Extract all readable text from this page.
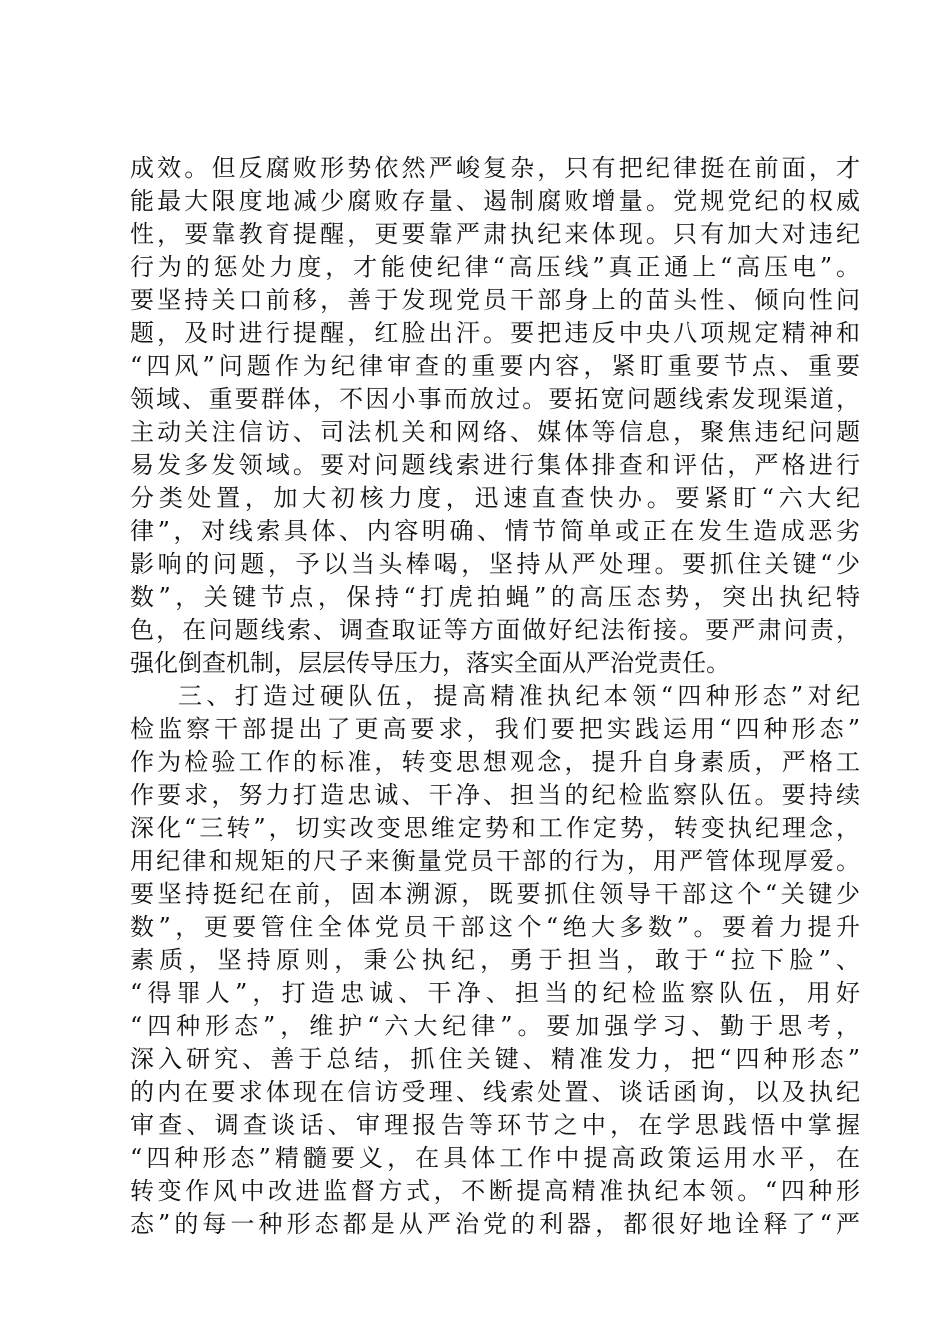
成效。但反腐败形势依然严峻复杂，只有把纪律挺在前面，才
能最大限度地减少腐败存量、遏制腐败增量。党规党纪的权威
性，要靠教育提醒，更要靠严肃执纪来体现。只有加大对违纪
行为的惩处力度，才能使纪律“高压线”真正通上“高压电”。
要坚持关口前移，善于发现党员干部身上的苗头性、倾向性问
题，及时进行提醒，红脸出汗。要把违反中央八项规定精神和
“四风”问题作为纪律审查的重要内容，紧盯重要节点、重要
领域、重要群体，不因小事而放过。要拓宽问题线索发现渠道，
主动关注信访、司法机关和网络、媒体等信息，聚焦违纪问题
易发多发领域。要对问题线索进行集体排查和评估，严格进行
分类处置，加大初核力度，迅速直查快办。要紧盯“六大纪
律”，对线索具体、内容明确、情节简单或正在发生造成恶劣
影响的问题，予以当头棒喝，坚持从严处理。要抓住关键“少
数”，关键节点，保持“打虎拍蝇”的高压态势，突出执纪特
色，在问题线索、调查取证等方面做好纪法衔接。要严肃问责，
强化倒查机制，层层传导压力，落实全面从严治党责任。
三、打造过硬队伍，提高精准执纪本领“四种形态”对纪
检监察干部提出了更高要求，我们要把实践运用“四种形态”
作为检验工作的标准，转变思想观念，提升自身素质，严格工
作要求，努力打造忠诚、干净、担当的纪检监察队伍。要持续
深化“三转”，切实改变思维定势和工作定势，转变执纪理念，
用纪律和规矩的尺子来衡量党员干部的行为，用严管体现厚爱。
要坚持挺纪在前，固本溯源，既要抓住领导干部这个“关键少
数”，更要管住全体党员干部这个“绝大多数”。要着力提升
素质，坚持原则，秉公执纪，勇于担当，敢于“拉下脸”、
“得罪人”，打造忠诚、干净、担当的纪检监察队伍，用好
“四种形态”，维护“六大纪律”。要加强学习、勤于思考，
深入研究、善于总结，抓住关键、精准发力，把“四种形态”
的内在要求体现在信访受理、线索处置、谈话函询，以及执纪
审查、调查谈话、审理报告等环节之中，在学思践悟中掌握
“四种形态”精髓要义，在具体工作中提高政策运用水平，在
转变作风中改进监督方式，不断提高精准执纪本领。“四种形
态”的每一种形态都是从严治党的利器，都很好地诠释了“严
